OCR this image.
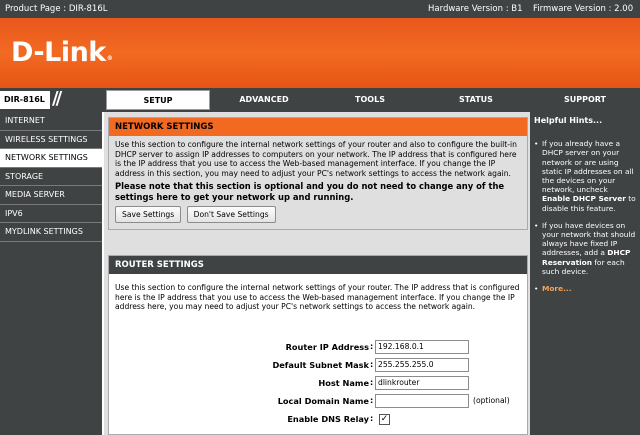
Product Page : DIR-816L	Hardware Version : B1 Firmware Version : 2.00
D-Link®
DIR-816L //	SETUP	ADVANCED	TOOLS	STATUS	SUPPORT
INTERNET
WIRELESS SETTINGS
NETWORK SETTINGS
STORAGE
MEDIA SERVER
IPV6
MYDLINK SETTINGS
NETWORK SETTINGS

Use this section to configure the internal network settings of your router and also to configure the built-in DHCP server to assign IP addresses to computers on your network. The IP address that is configured here is the IP address that you use to access the Web-based management interface. If you change the IP address in this section, you may need to adjust your PC's network settings to access the network again.

Please note that this section is optional and you do not need to change any of the settings here to get your network up and running.

Save Settings	Don't Save Settings
ROUTER SETTINGS

Use this section to configure the internal network settings of your router. The IP address that is configured here is the IP address that you use to access the Web-based management interface. If you change the IP address here, you may need to adjust your PC's network settings to access the network again.

Router IP Address : 192.168.0.1
Default Subnet Mask : 255.255.255.0
Host Name : dlinkrouter
Local Domain Name :	(optional)
Enable DNS Relay : ✓
Helpful Hints...
• If you already have a DHCP server on your network or are using static IP addresses on all the devices on your network, uncheck Enable DHCP Server to disable this feature.
• If you have devices on your network that should always have fixed IP addresses, add a DHCP Reservation for each such device.
• More...
